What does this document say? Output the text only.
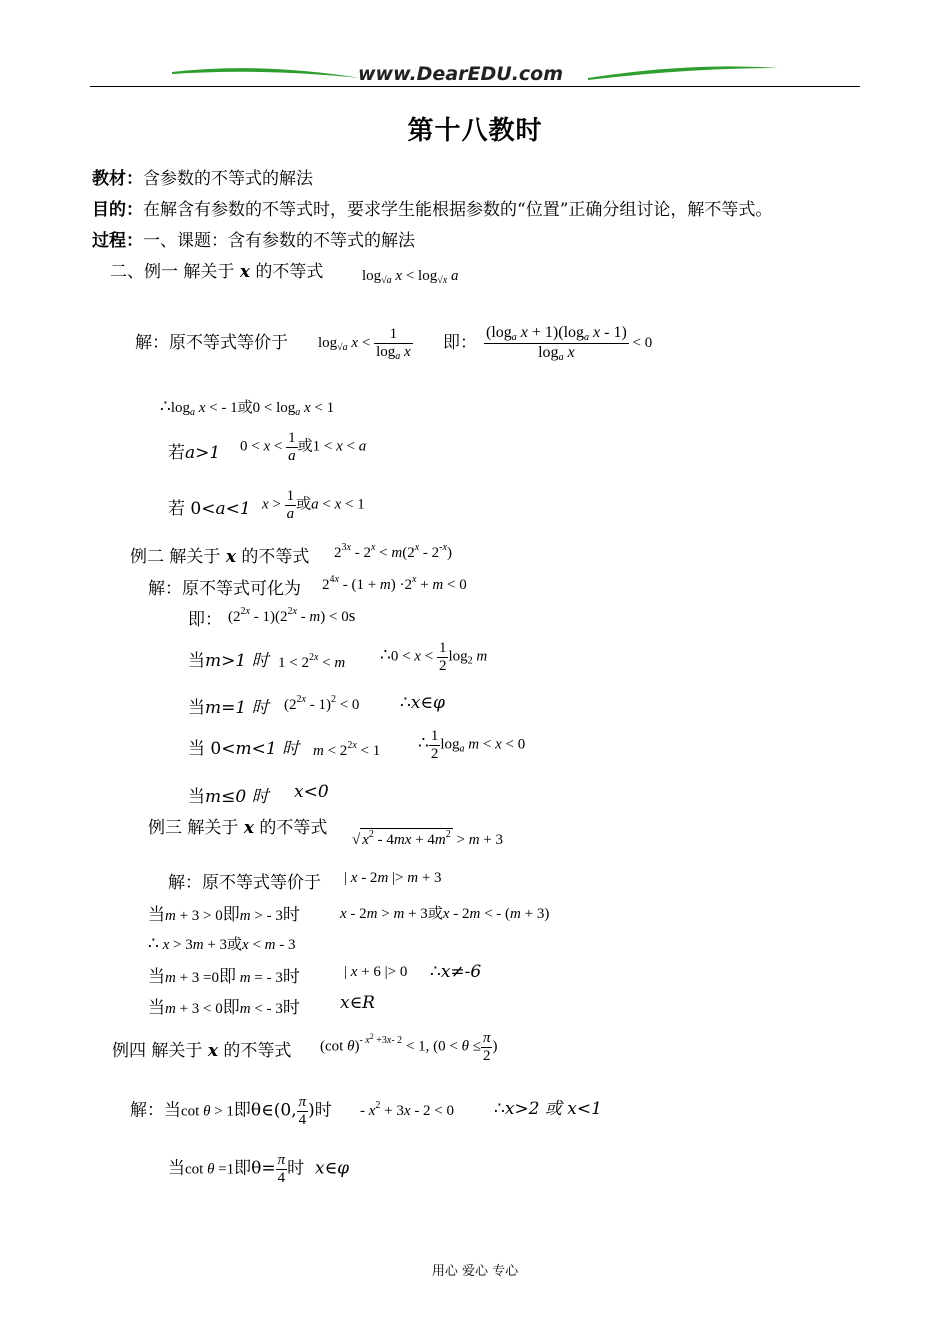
www.DearEDU.com
第十八教时
教材：含参数的不等式的解法
目的：在解含有参数的不等式时，要求学生能根据参数的“位置”正确分组讨论，解不等式。
过程：一、课题：含有参数的不等式的解法
二、例一 解关于 x 的不等式	$\log_{√a} x < \log_{√x} a$
解：原不等式等价于 $\log_{√a} x < \frac{1}{\log_a x}$ 即： $\frac{(\log_a x + 1)(\log_a x - 1)}{\log_a x} < 0$
$\therefore\log_a$ x < - 1或$0 < \log_a x < 1$
若a>1 $0 < x < \frac{1}{a}$ 或1 < x < a
若 0<a<1 $x > \frac{1}{a}$ 或a < x < 1
例二 解关于 x 的不等式 $2^{3x} - 2^x < m(2^x - 2^{-x})$
解：原不等式可化为 $2^{4x} - (1 + m) \cdot 2^x + m < 0$
即： $(2^{2x} - 1)(2^{2x} - m) < 0s$
当m>1 时 $1 < 2^{2x} < m$ ∴0 < $x < \frac{1}{2} \log_2 m$
当m=1 时 $(2^{2x} - 1)^2 < 0$ ∴x∈φ
当 0<m<1 时 $m < 2^{2x} < 1$ ∴ $\frac{1}{2} \log_a m < x < 0$
当m≤0 时 x<0
例三 解关于 x 的不等式
√ $x^2 - 4mx + 4m^2 > m + 3$
解：原不等式等价于 | x - 2m |> m + 3
当m + 3 > 0即m > - 3时	x - 2m > m + 3或x - 2m < - (m + 3)
∴ x > 3m + 3或x < m - 3
当m + 3 =0即 m = - 3时	| x + 6 |> 0 ∴x≠-6
当m + 3 < 0即m < - 3时 x∈R
例四 解关于 x 的不等式 (cot θ)$^{- x^2 +3x- 2}$ < 1, ($0 < \theta \le \frac{\pi}{2}$ )
解：当cot θ > 1即θ∈(0, $\frac{\pi}{4}$ )时 - $x^2 + 3x - 2 < 0$ ∴x>2 或 x<1
当cot θ =1即$\theta= \frac{\pi}{4}$ 时 x∈φ
用心 爱心 专心
